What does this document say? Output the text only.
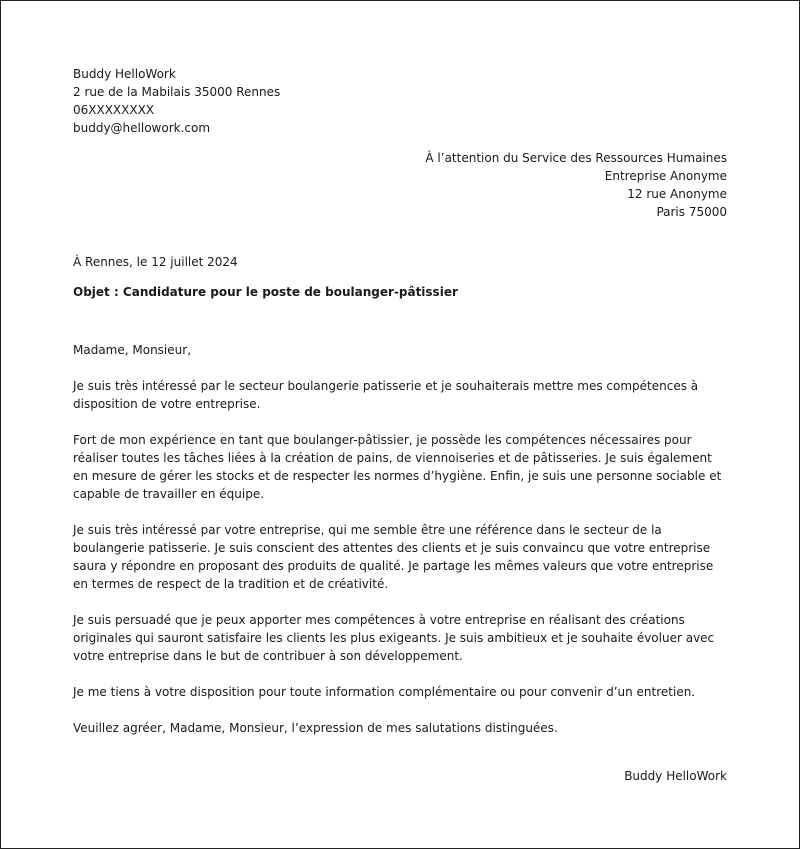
Buddy HelloWork
2 rue de la Mabilais 35000 Rennes
06XXXXXXXX
buddy@hellowork.com
À l’attention du Service des Ressources Humaines
Entreprise Anonyme
12 rue Anonyme
Paris 75000
À Rennes, le 12 juillet 2024
Objet : Candidature pour le poste de boulanger-pâtissier

Madame, Monsieur,

Je suis très intéressé par le secteur boulangerie patisserie et je souhaiterais mettre mes compétences à disposition de votre entreprise.

Fort de mon expérience en tant que boulanger-pâtissier, je possède les compétences nécessaires pour réaliser toutes les tâches liées à la création de pains, de viennoiseries et de pâtisseries. Je suis également en mesure de gérer les stocks et de respecter les normes d’hygiène. Enfin, je suis une personne sociable et capable de travailler en équipe.

Je suis très intéressé par votre entreprise, qui me semble être une référence dans le secteur de la boulangerie patisserie. Je suis conscient des attentes des clients et je suis convaincu que votre entreprise saura y répondre en proposant des produits de qualité. Je partage les mêmes valeurs que votre entreprise en termes de respect de la tradition et de créativité.

Je suis persuadé que je peux apporter mes compétences à votre entreprise en réalisant des créations originales qui sauront satisfaire les clients les plus exigeants. Je suis ambitieux et je souhaite évoluer avec votre entreprise dans le but de contribuer à son développement.

Je me tiens à votre disposition pour toute information complémentaire ou pour convenir d’un entretien.

Veuillez agréer, Madame, Monsieur, l’expression de mes salutations distinguées.

Buddy HelloWork
